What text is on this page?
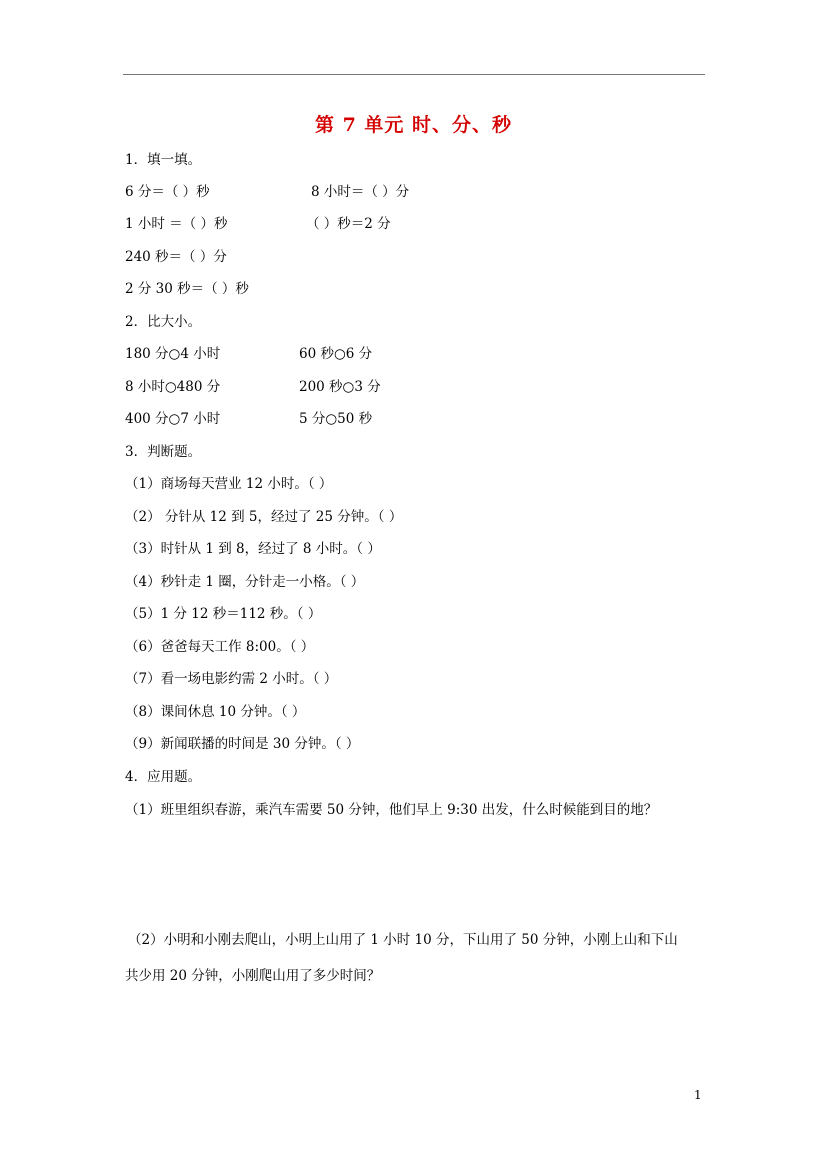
第 7 单元 时、分、秒
1．填一填。
6 分＝（ ）秒	8 小时＝（ ）分
1 小时 ＝（ ）秒	（ ）秒＝2 分
240 秒＝（ ）分
2 分 30 秒＝（ ）秒
2．比大小。
180 分○4 小时	60 秒○6 分
8 小时○480 分	200 秒○3 分
400 分○7 小时	5 分○50 秒
3．判断题。
（1）商场每天营业 12 小时。（ ）
（2） 分针从 12 到 5，经过了 25 分钟。（ ）
（3）时针从 1 到 8，经过了 8 小时。（ ）
（4）秒针走 1 圈，分针走一小格。（ ）
（5）1 分 12 秒＝112 秒。（ ）
（6）爸爸每天工作 8:00。（ ）
（7）看一场电影约需 2 小时。（ ）
（8）课间休息 10 分钟。（ ）
（9）新闻联播的时间是 30 分钟。（ ）
4．应用题。
（1）班里组织春游，乘汽车需要 50 分钟，他们早上 9:30 出发，什么时候能到目的地？
（2）小明和小刚去爬山，小明上山用了 1 小时 10 分，下山用了 50 分钟，小刚上山和下山
共少用 20 分钟，小刚爬山用了多少时间？
1
